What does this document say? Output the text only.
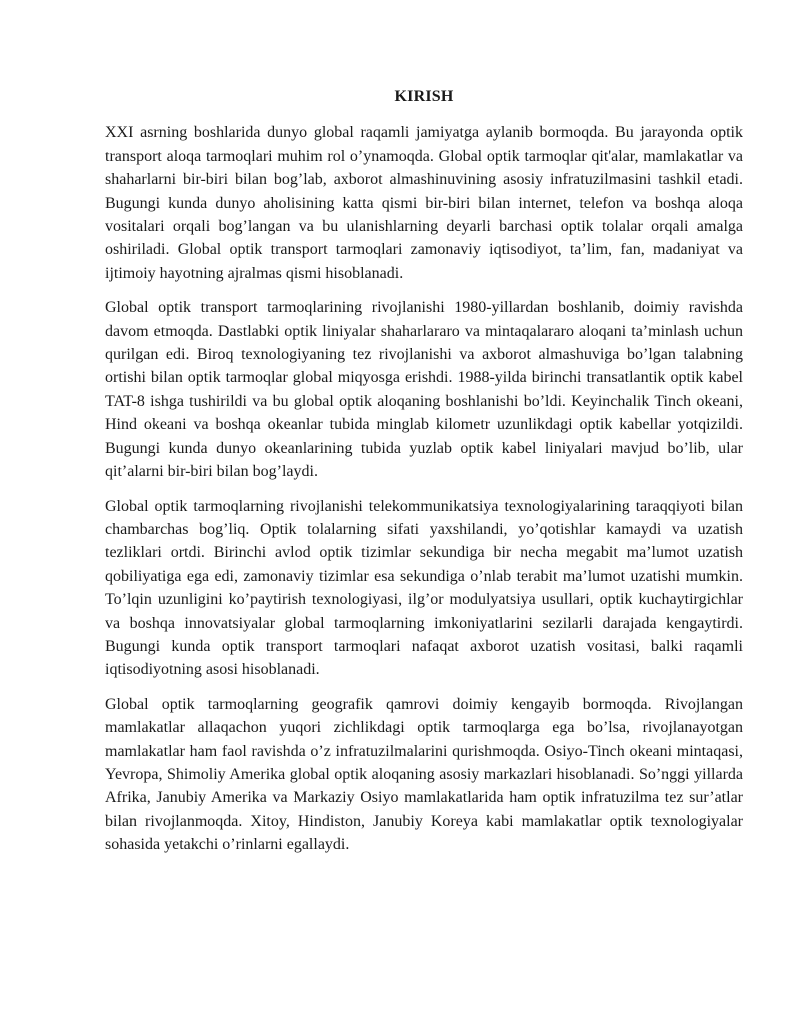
KIRISH

XXI asrning boshlarida dunyo global raqamli jamiyatga aylanib bormoqda. Bu jarayonda optik transport aloqa tarmoqlari muhim rol o’ynamoqda. Global optik tarmoqlar qit'alar, mamlakatlar va shaharlarni bir-biri bilan bog’lab, axborot almashinuvining asosiy infratuzilmasini tashkil etadi. Bugungi kunda dunyo aholisining katta qismi bir-biri bilan internet, telefon va boshqa aloqa vositalari orqali bog’langan va bu ulanishlarning deyarli barchasi optik tolalar orqali amalga oshiriladi. Global optik transport tarmoqlari zamonaviy iqtisodiyot, ta’lim, fan, madaniyat va ijtimoiy hayotning ajralmas qismi hisoblanadi.

Global optik transport tarmoqlarining rivojlanishi 1980-yillardan boshlanib, doimiy ravishda davom etmoqda. Dastlabki optik liniyalar shaharlararo va mintaqalararo aloqani ta’minlash uchun qurilgan edi. Biroq texnologiyaning tez rivojlanishi va axborot almashuviga bo’lgan talabning ortishi bilan optik tarmoqlar global miqyosga erishdi. 1988-yilda birinchi transatlantik optik kabel TAT-8 ishga tushirildi va bu global optik aloqaning boshlanishi bo’ldi. Keyinchalik Tinch okeani, Hind okeani va boshqa okeanlar tubida minglab kilometr uzunlikdagi optik kabellar yotqizildi. Bugungi kunda dunyo okeanlarining tubida yuzlab optik kabel liniyalari mavjud bo’lib, ular qit’alarni bir-biri bilan bog’laydi.

Global optik tarmoqlarning rivojlanishi telekommunikatsiya texnologiyalarining taraqqiyoti bilan chambarchas bog’liq. Optik tolalarning sifati yaxshilandi, yo’qotishlar kamaydi va uzatish tezliklari ortdi. Birinchi avlod optik tizimlar sekundiga bir necha megabit ma’lumot uzatish qobiliyatiga ega edi, zamonaviy tizimlar esa sekundiga o’nlab terabit ma’lumot uzatishi mumkin. To’lqin uzunligini ko’paytirish texnologiyasi, ilg’or modulyatsiya usullari, optik kuchaytirgichlar va boshqa innovatsiyalar global tarmoqlarning imkoniyatlarini sezilarli darajada kengaytirdi. Bugungi kunda optik transport tarmoqlari nafaqat axborot uzatish vositasi, balki raqamli iqtisodiyotning asosi hisoblanadi.

Global optik tarmoqlarning geografik qamrovi doimiy kengayib bormoqda. Rivojlangan mamlakatlar allaqachon yuqori zichlikdagi optik tarmoqlarga ega bo’lsa, rivojlanayotgan mamlakatlar ham faol ravishda o’z infratuzilmalarini qurishmoqda. Osiyo-Tinch okeani mintaqasi, Yevropa, Shimoliy Amerika global optik aloqaning asosiy markazlari hisoblanadi. So’nggi yillarda Afrika, Janubiy Amerika va Markaziy Osiyo mamlakatlarida ham optik infratuzilma tez sur’atlar bilan rivojlanmoqda. Xitoy, Hindiston, Janubiy Koreya kabi mamlakatlar optik texnologiyalar sohasida yetakchi o’rinlarni egallaydi.
